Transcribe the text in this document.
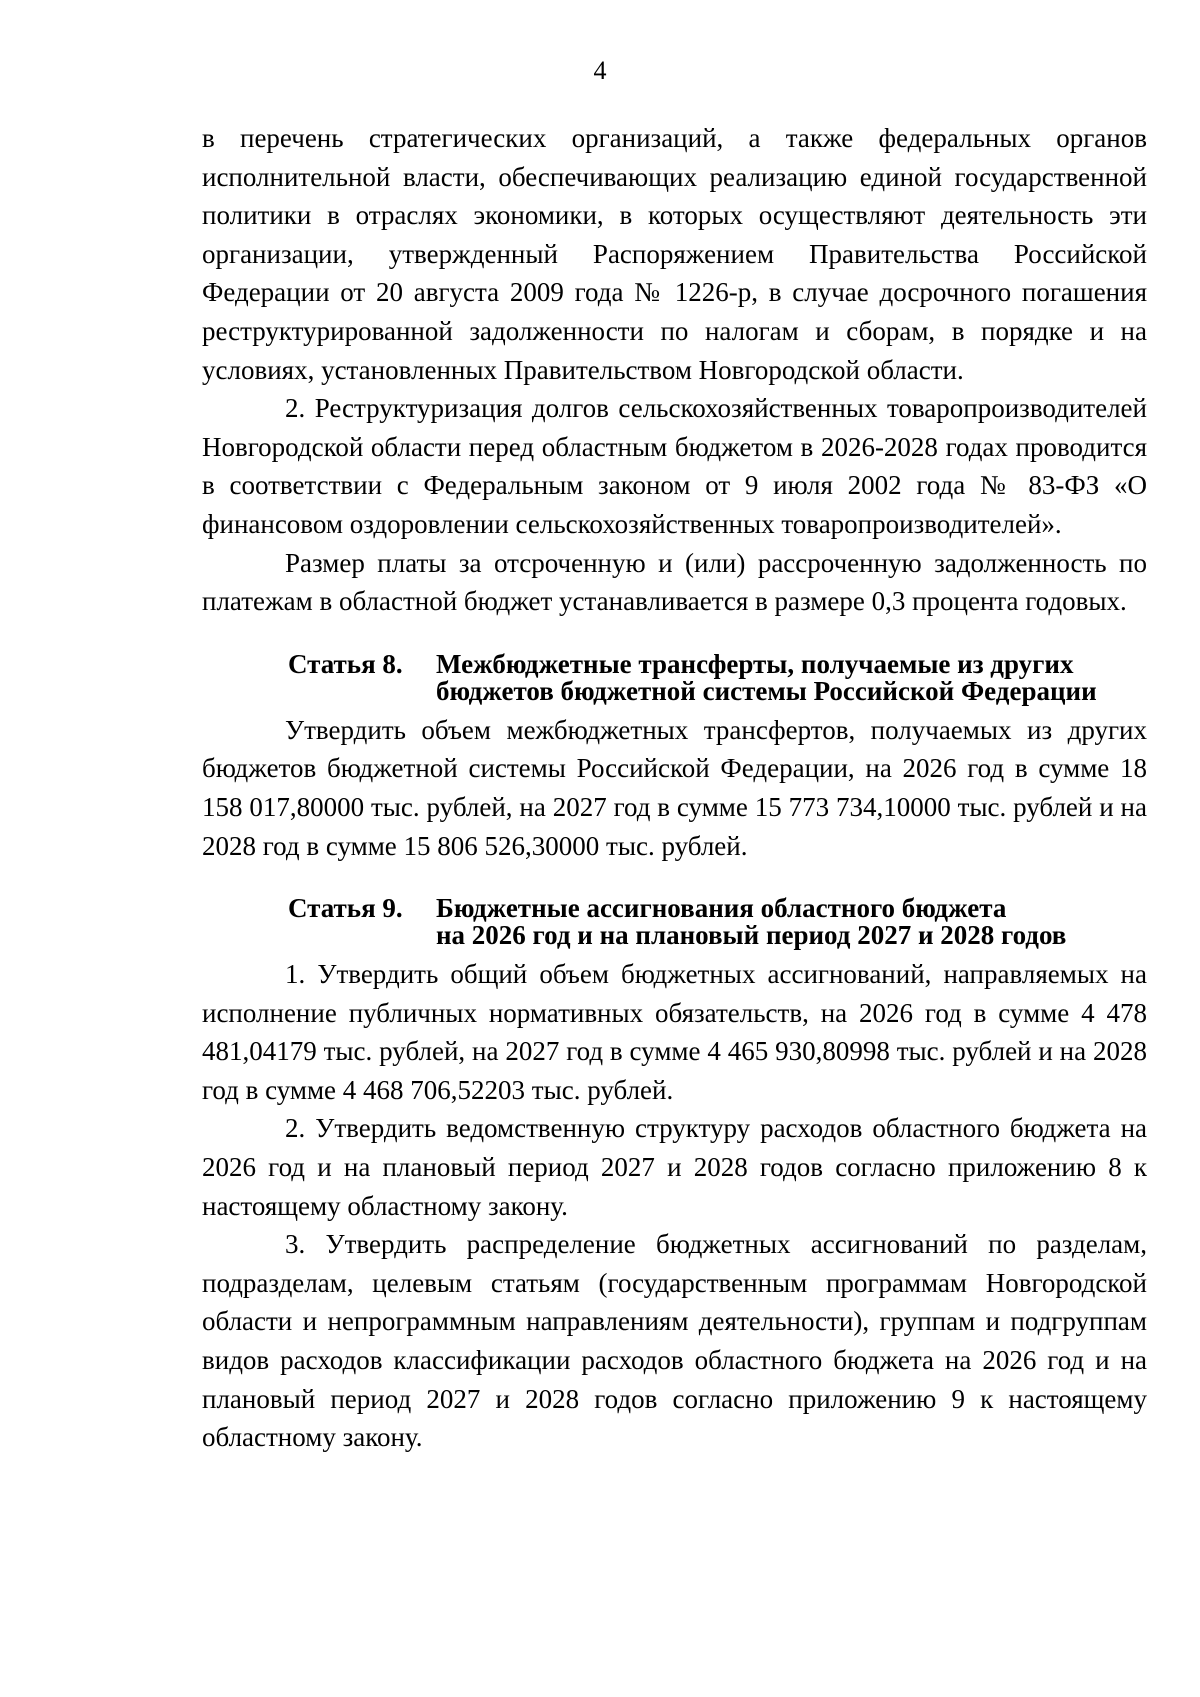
4

в перечень стратегических организаций, а также федеральных органов исполнительной власти, обеспечивающих реализацию единой государственной политики в отраслях экономики, в которых осуществляют деятельность эти организации, утвержденный Распоряжением Правительства Российской Федерации от 20 августа 2009 года № 1226-р, в случае досрочного погашения реструктурированной задолженности по налогам и сборам, в порядке и на условиях, установленных Правительством Новгородской области.

2. Реструктуризация долгов сельскохозяйственных товаропроизводителей Новгородской области перед областным бюджетом в 2026-2028 годах проводится в соответствии с Федеральным законом от 9 июля 2002 года № 83-ФЗ «О финансовом оздоровлении сельскохозяйственных товаропроизводителей».

Размер платы за отсроченную и (или) рассроченную задолженность по платежам в областной бюджет устанавливается в размере 0,3 процента годовых.

Статья 8.	Межбюджетные трансферты, получаемые из других
бюджетов бюджетной системы Российской Федерации

Утвердить объем межбюджетных трансфертов, получаемых из других бюджетов бюджетной системы Российской Федерации, на 2026 год в сумме 18 158 017,80000 тыс. рублей, на 2027 год в сумме 15 773 734,10000 тыс. рублей и на 2028 год в сумме 15 806 526,30000 тыс. рублей.

Статья 9.	Бюджетные ассигнования областного бюджета
на 2026 год и на плановый период 2027 и 2028 годов

1. Утвердить общий объем бюджетных ассигнований, направляемых на исполнение публичных нормативных обязательств, на 2026 год в сумме 4 478 481,04179 тыс. рублей, на 2027 год в сумме 4 465 930,80998 тыс. рублей и на 2028 год в сумме 4 468 706,52203 тыс. рублей.

2. Утвердить ведомственную структуру расходов областного бюджета на 2026 год и на плановый период 2027 и 2028 годов согласно приложению 8 к настоящему областному закону.

3. Утвердить распределение бюджетных ассигнований по разделам, подразделам, целевым статьям (государственным программам Новгородской области и непрограммным направлениям деятельности), группам и подгруппам видов расходов классификации расходов областного бюджета на 2026 год и на плановый период 2027 и 2028 годов согласно приложению 9 к настоящему областному закону.
